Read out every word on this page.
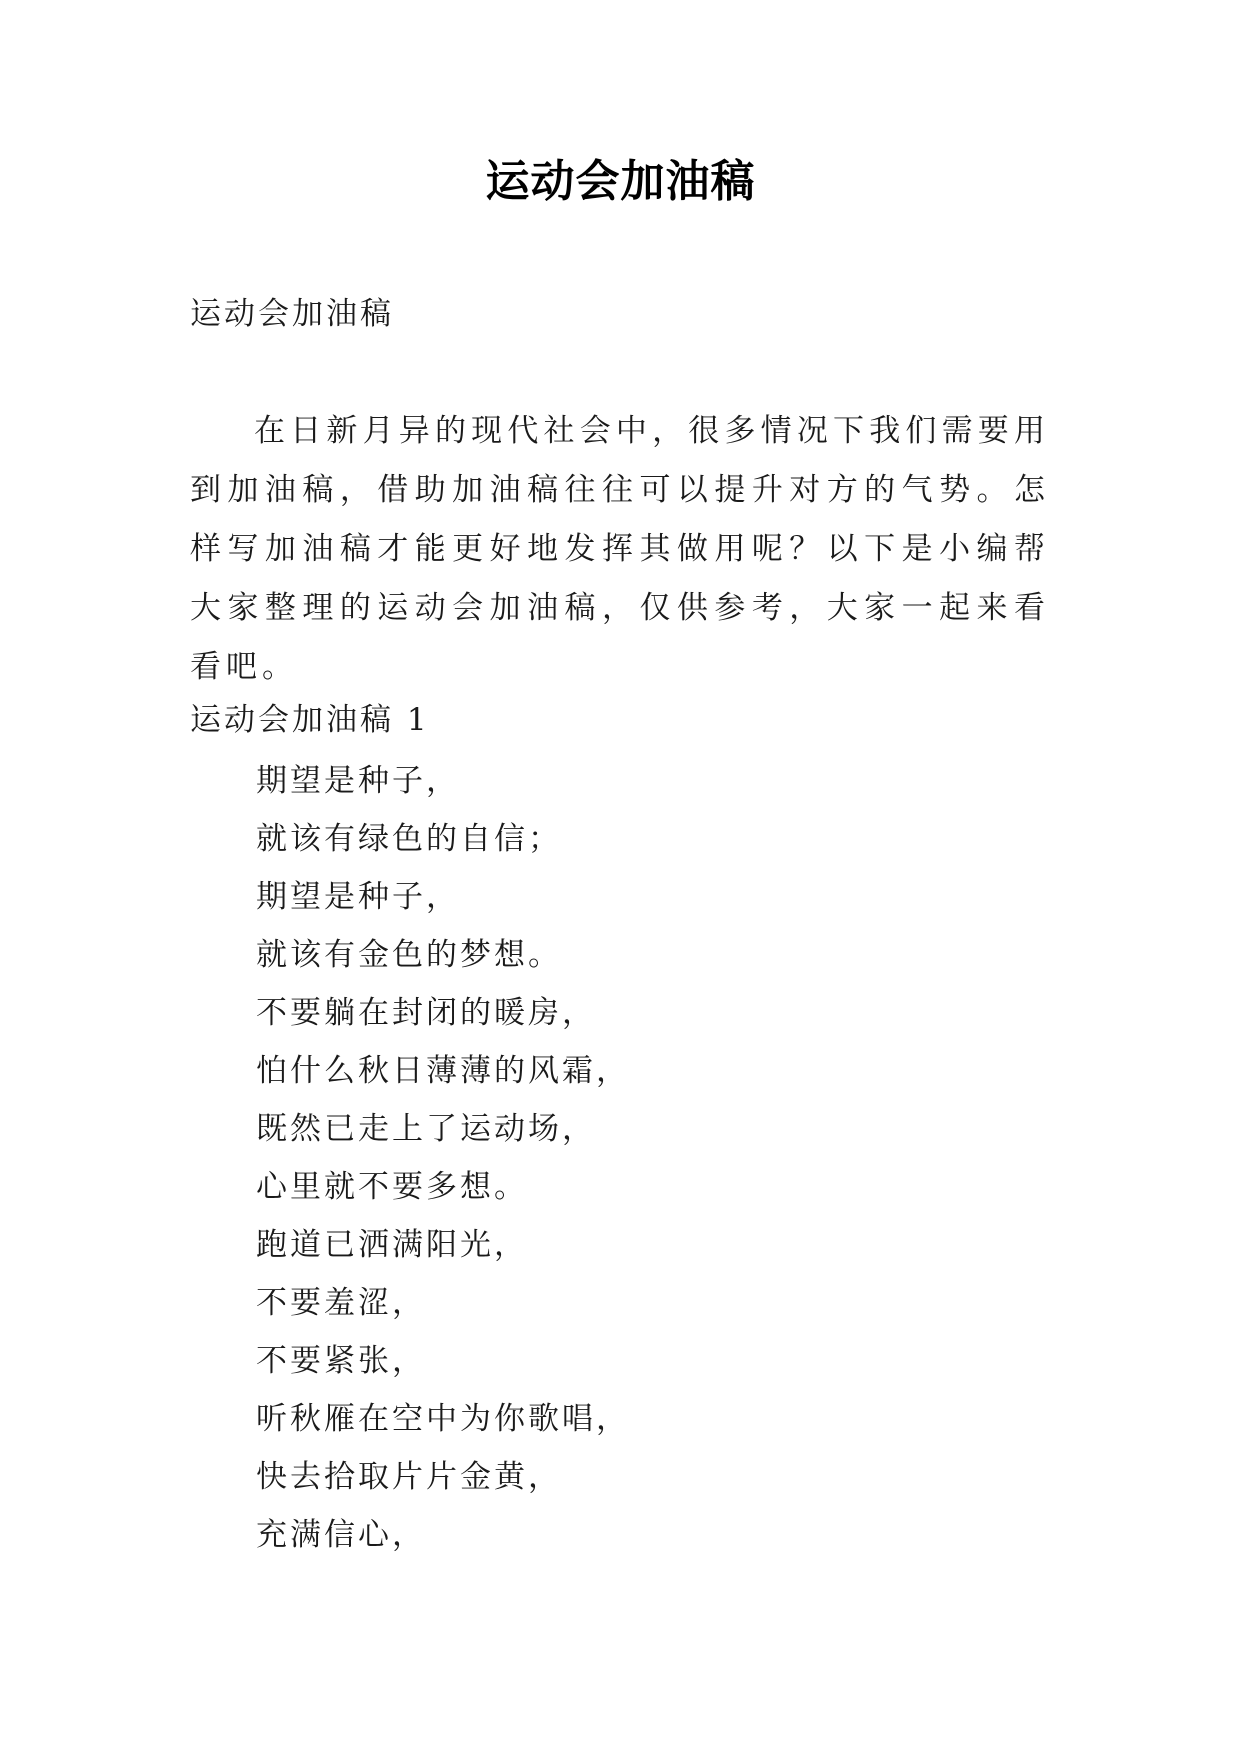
运动会加油稿
运动会加油稿

在日新月异的现代社会中，很多情况下我们需要用到加油稿，借助加油稿往往可以提升对方的气势。怎样写加油稿才能更好地发挥其做用呢？以下是小编帮大家整理的运动会加油稿，仅供参考，大家一起来看看吧。

运动会加油稿 1
期望是种子，
就该有绿色的自信；
期望是种子，
就该有金色的梦想。
不要躺在封闭的暖房，
怕什么秋日薄薄的风霜，
既然已走上了运动场，
心里就不要多想。
跑道已洒满阳光，
不要羞涩，
不要紧张，
听秋雁在空中为你歌唱，
快去拾取片片金黄，
充满信心，
